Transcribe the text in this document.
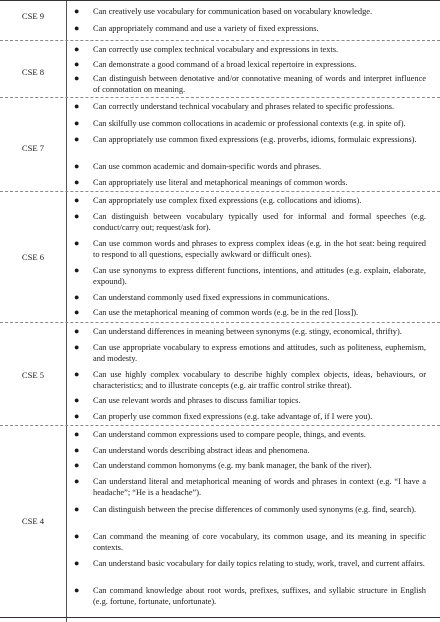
CSE 9	●	Can creatively use vocabulary for communication based on vocabulary knowledge.
●	Can appropriately command and use a variety of fixed expressions.
CSE 8
●	Can correctly use complex technical vocabulary and expressions in texts.
●	Can demonstrate a good command of a broad lexical repertoire in expressions.
●	Can distinguish between denotative and/or connotative meaning of words and interpret influence of connotation on meaning.
CSE 7
●	Can correctly understand technical vocabulary and phrases related to specific professions.
●	Can skilfully use common collocations in academic or professional contexts (e.g. in spite of).
●	Can appropriately use common fixed expressions (e.g. proverbs, idioms, formulaic expressions).
●	Can use common academic and domain-specific words and phrases.
●	Can appropriately use literal and metaphorical meanings of common words.
CSE 6
●	Can appropriately use complex fixed expressions (e.g. collocations and idioms).
●	Can distinguish between vocabulary typically used for informal and formal speeches (e.g. conduct/carry out; request/ask for).
●	Can use common words and phrases to express complex ideas (e.g. in the hot seat: being required to respond to all questions, especially awkward or difficult ones).
●	Can use synonyms to express different functions, intentions, and attitudes (e.g. explain, elaborate, expound).
●	Can understand commonly used fixed expressions in communications.
●	Can use the metaphorical meaning of common words (e.g. be in the red [loss]).
CSE 5
●	Can understand differences in meaning between synonyms (e.g. stingy, economical, thrifty).
●	Can use appropriate vocabulary to express emotions and attitudes, such as politeness, euphemism, and modesty.
●	Can use highly complex vocabulary to describe highly complex objects, ideas, behaviours, or characteristics; and to illustrate concepts (e.g. air traffic control strike threat).
●	Can use relevant words and phrases to discuss familiar topics.
●	Can properly use common fixed expressions (e.g. take advantage of, if I were you).
CSE 4
●	Can understand common expressions used to compare people, things, and events.
●	Can understand words describing abstract ideas and phenomena.
●	Can understand common homonyms (e.g. my bank manager, the bank of the river).
●	Can understand literal and metaphorical meaning of words and phrases in context (e.g. “I have a headache”; “He is a headache”).
●	Can distinguish between the precise differences of commonly used synonyms (e.g. find, search).
●	Can command the meaning of core vocabulary, its common usage, and its meaning in specific contexts.
●	Can understand basic vocabulary for daily topics relating to study, work, travel, and current affairs.
●	Can command knowledge about root words, prefixes, suffixes, and syllabic structure in English (e.g. fortune, fortunate, unfortunate).
